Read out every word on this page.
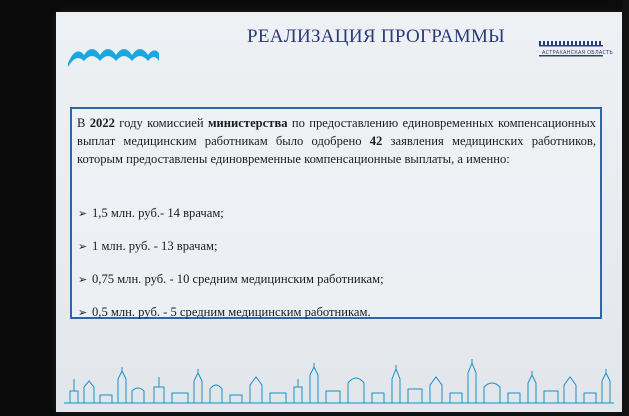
РЕАЛИЗАЦИЯ ПРОГРАММЫ
АСТРАХАНСКАЯ ОБЛАСТЬ
В 2022 году комиссией министерства по предоставлению единовременных компенсационных выплат медицинским работникам было одобрено 42 заявления медицинских работников, которым предоставлены единовременные компенсационные выплаты, а именно:
➢ 1,5 млн. руб.- 14 врачам;
➢ 1 млн. руб. - 13 врачам;
➢ 0,75 млн. руб. - 10 средним медицинским работникам;
➢ 0,5 млн. руб. - 5 средним медицинским работникам.
